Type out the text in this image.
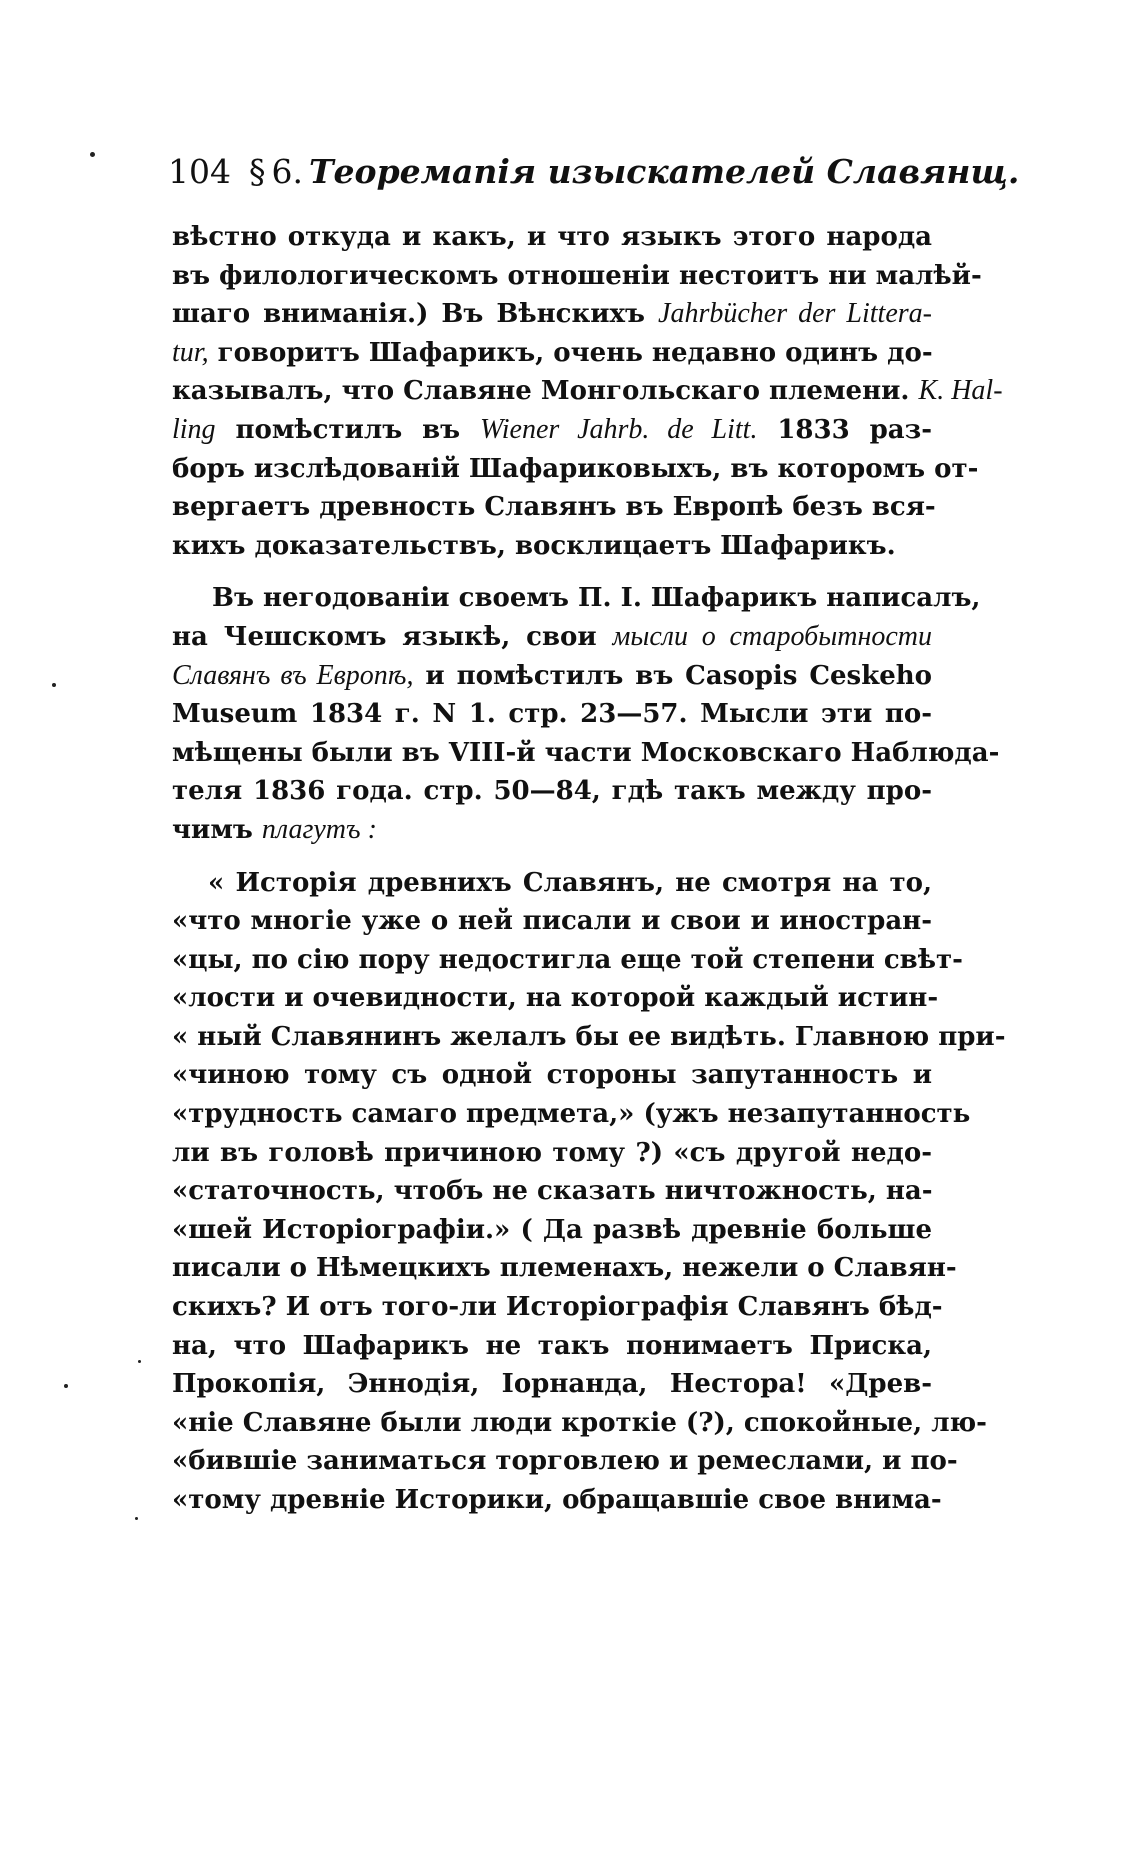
104 § 6. Теоремапія изыскателей Славянщ.
вѣстно откуда и какъ, и что языкъ этого народа
въ филологическомъ отношеніи нестоитъ ни малѣй-
шаго вниманія.) Въ Вѣнскихъ Jahrbücher der Littera-
tur, говоритъ Шафарикъ, очень недавно одинъ до-
казывалъ, что Славяне Монгольскаго племени. K. Hal-
ling помѣстилъ въ Wiener Jahrb. de Litt. 1833 раз-
боръ изслѣдованій Шафариковыхъ, въ которомъ от-
вергаетъ древность Славянъ въ Европѣ безъ вся-
кихъ доказательствъ, восклицаетъ Шафарикъ.
Въ негодованіи своемъ П. І. Шафарикъ написалъ,
на Чешскомъ языкѣ, свои мысли о старобытности
Славянъ въ Европѣ, и помѣстилъ въ Casopis Ceskeho
Museum 1834 г. N 1. стр. 23—57. Мысли эти по-
мѣщены были въ VIII-й части Московскаго Наблюда-
теля 1836 года. стр. 50—84, гдѣ такъ между про-
чимъ плагутъ :
« Исторія древнихъ Славянъ, не смотря на то,
«что многіе уже о ней писали и свои и иностран-
«цы, по сію пору недостигла еще той степени свѣт-
«лости и очевидности, на которой каждый истин-
« ный Славянинъ желалъ бы ее видѣть. Главною при-
«чиною тому съ одной стороны запутанность и
«трудность самаго предмета,» (ужъ незапутанность
ли въ головѣ причиною тому ?) «съ другой недо-
«статочность, чтобъ не сказать ничтожность, на-
«шей Исторіографіи.» ( Да развѣ древніе больше
писали о Нѣмецкихъ племенахъ, нежели о Славян-
скихъ? И отъ того-ли Исторіографія Славянъ бѣд-
на, что Шафарикъ не такъ понимаетъ Приска,
Прокопія, Эннодія, Іорнанда, Нестора! «Древ-
«ніе Славяне были люди кроткіе (?), спокойные, лю-
«бившіе заниматься торговлею и ремеслами, и по-
«тому древніе Историки, обращавшіе свое внима-
